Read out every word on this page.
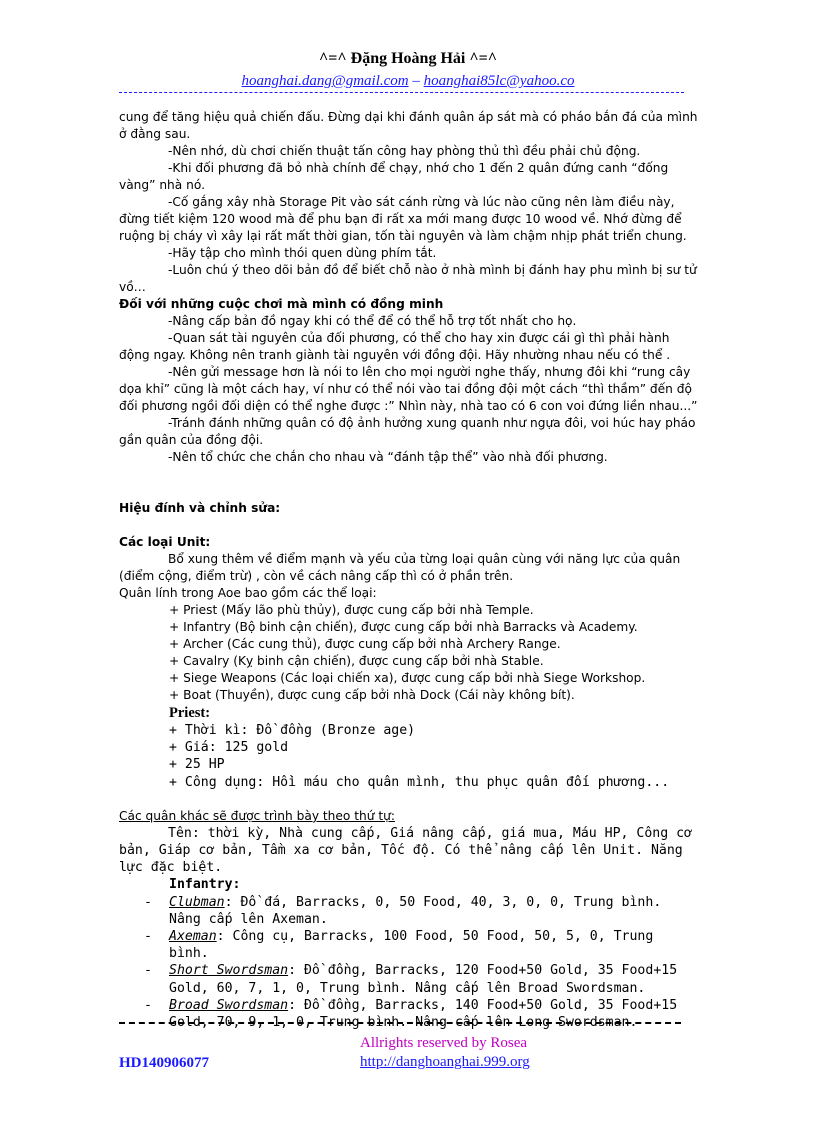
^=^ Đặng Hoàng Hải ^=^
hoanghai.dang@gmail.com – hoanghai85lc@yahoo.co

cung để tăng hiệu quả chiến đấu. Đừng dại khi đánh quân áp sát mà có pháo bắn đá của mình ở đằng sau.

-Nên nhớ, dù chơi chiến thuật tấn công hay phòng thủ thì đều phải chủ động.

-Khi đối phương đã bỏ nhà chính để chạy, nhớ cho 1 đến 2 quân đứng canh “đống vàng” nhà nó.

-Cố gắng xây nhà Storage Pit vào sát cánh rừng và lúc nào cũng nên làm điều này, đừng tiết kiệm 120 wood mà để phu bạn đi rất xa mới mang được 10 wood về. Nhớ đừng để ruộng bị cháy vì xây lại rất mất thời gian, tốn tài nguyên và làm chậm nhịp phát triển chung.

-Hãy tập cho mình thói quen dùng phím tắt.

-Luôn chú ý theo dõi bản đồ để biết chỗ nào ở nhà mình bị đánh hay phu mình bị sư tử vồ…

Đối với những cuộc chơi mà mình có đồng minh

-Nâng cấp bản đồ ngay khi có thể để có thể hỗ trợ tốt nhất cho họ.

-Quan sát tài nguyên của đối phương, có thể cho hay xin được cái gì thì phải hành động ngay. Không nên tranh giành tài nguyên với đồng đội. Hãy nhường nhau nếu có thể .

-Nên gửi message hơn là nói to lên cho mọi người nghe thấy, nhưng đôi khi “rung cây dọa khỉ” cũng là một cách hay, ví như có thể nói vào tai đồng đội một cách “thì thầm” đến độ đối phương ngồi đối diện có thể nghe được :” Nhìn này, nhà tao có 6 con voi đứng liền nhau...”

-Tránh đánh những quân có độ ảnh hưởng xung quanh như ngựa đôi, voi húc hay pháo gần quân của đồng đội.

-Nên tổ chức che chắn cho nhau và “đánh tập thể” vào nhà đối phương.

Hiệu đính và chỉnh sửa:

Các loại Unit:

Bổ xung thêm về điểm mạnh và yếu của từng loại quân cùng với năng lực của quân (điểm cộng, điểm trừ) , còn về cách nâng cấp thì có ở phần trên.

Quân lính trong Aoe bao gồm các thể loại:

+ Priest (Mấy lão phù thủy), được cung cấp bởi nhà Temple.

+ Infantry (Bộ binh cận chiến), được cung cấp bởi nhà Barracks và Academy.

+ Archer (Các cung thủ), được cung cấp bởi nhà Archery Range.

+ Cavalry (Kỵ binh cận chiến), được cung cấp bởi nhà Stable.

+ Siege Weapons (Các loại chiến xa), được cung cấp bởi nhà Siege Workshop.

+ Boat (Thuyền), được cung cấp bởi nhà Dock (Cái này không bít).

Priest:

+ Thời kì: Đồ đồng (Bronze age)

+ Giá: 125 gold

+ 25 HP

+ Công dụng: Hồi máu cho quân mình, thu phục quân đối phương...

Các quân khác sẽ được trình bày theo thứ tự:

Tên: thời kỳ, Nhà cung cấp, Giá nâng cấp, giá mua, Máu HP, Công cơ bản, Giáp cơ bản, Tầm xa cơ bản, Tốc độ. Có thể nâng cấp lên Unit. Năng lực đặc biệt.

Infantry:

- Clubman: Đồ đá, Barracks, 0, 50 Food, 40, 3, 0, 0, Trung bình. Nâng cấp lên Axeman.
- Axeman: Công cụ, Barracks, 100 Food, 50 Food, 50, 5, 0, Trung bình.
- Short Swordsman: Đồ đồng, Barracks, 120 Food+50 Gold, 35 Food+15 Gold, 60, 7, 1, 0, Trung bình. Nâng cấp lên Broad Swordsman.
- Broad Swordsman: Đồ đồng, Barracks, 140 Food+50 Gold, 35 Food+15 Gold, 70, 9, 1, 0, Trung bình. Nâng cấp lên Long Swordsman.
Allrights reserved by Rosea
HD140906077	http://danghoanghai.999.org
